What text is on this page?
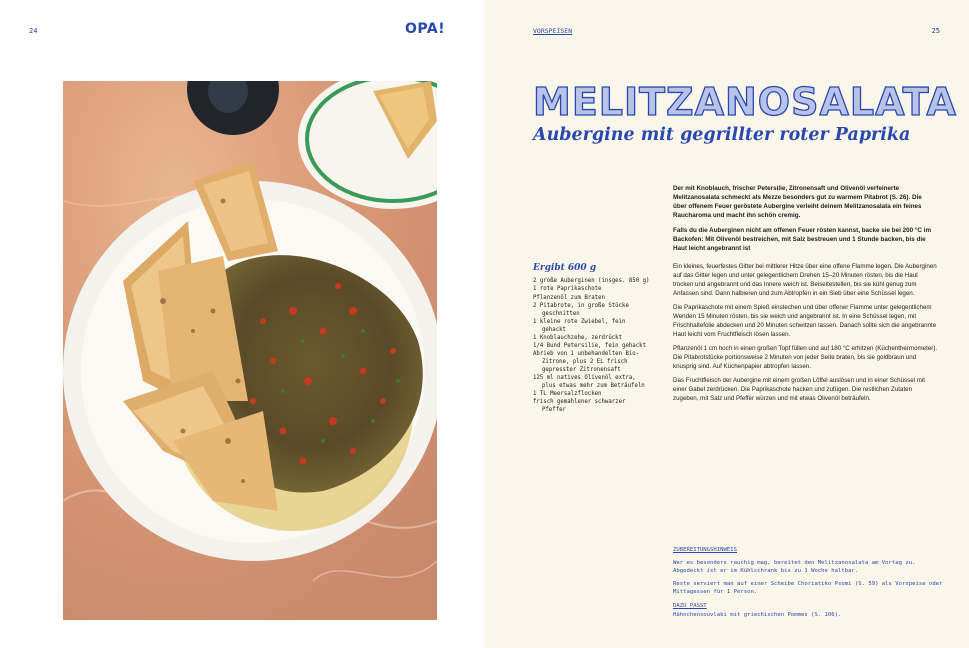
24	OPA!	VORSPEISEN	25
MELITZANOSALATA
Aubergine mit gegrillter roter Paprika

Der mit Knoblauch, frischer Petersilie, Zitronensaft und Olivenöl verfeinerte Melitzanosalata schmeckt als Mezze besonders gut zu warmem Pitabrot (S. 26). Die über offenem Feuer geröstete Aubergine verleiht deinem Melitzanosalata ein feines Raucharoma und macht ihn schön cremig.

Falls du die Auberginen nicht am offenen Feuer rösten kannst, backe sie bei 200 °C im Backofen: Mit Olivenöl bestreichen, mit Salz bestreuen und 1 Stunde backen, bis die Haut leicht angebrannt ist

Ergibt 600 g
2 große Auberginen (insges. 850 g)
1 rote Paprikaschote
Pflanzenöl zum Braten
2 Pitabrote, in große Stücke geschnitten
1 kleine rote Zwiebel, fein gehackt
1 Knoblauchzehe, zerdrückt
1/4 Bund Petersilie, fein gehackt
Abrieb von 1 unbehandelten Bio-Zitrone, plus 2 EL frisch gepresster Zitronensaft
125 ml natives Olivenöl extra, plus etwas mehr zum Beträufeln
1 TL Meersalzflocken
frisch gemahlener schwarzer Pfeffer

Ein kleines, feuerfestes Gitter bei mittlerer Hitze über eine offene Flamme legen. Die Auberginen auf das Gitter legen und unter gelegentlichem Drehen 15–20 Minuten rösten, bis die Haut trocken und angebrannt und das Innere weich ist. Beiseitestellen, bis sie kühl genug zum Anfassen sind. Dann halbieren und zum Abtropfen in ein Sieb über eine Schüssel legen.

Die Paprikaschote mit einem Spieß einstechen und über offener Flamme unter gelegentlichem Wenden 15 Minuten rösten, bis sie weich und angebrannt ist. In eine Schüssel legen, mit Frischhaltefolie abdecken und 20 Minuten schwitzen lassen. Danach sollte sich die angebrannte Haut leicht vom Fruchtfleisch lösen lassen.

Pflanzenöl 1 cm hoch in einen großen Topf füllen und auf 180 °C erhitzen (Küchenthermometer). Die Pitabrotstücke portionsweise 2 Minuten von jeder Seite braten, bis sie goldbraun und knusprig sind. Auf Küchenpapier abtropfen lassen.

Das Fruchtfleisch der Aubergine mit einem großen Löffel auslösen und in einer Schüssel mit einer Gabel zerdrücken. Die Paprikaschote hacken und zufügen. Die restlichen Zutaten zugeben, mit Salz und Pfeffer würzen und mit etwas Olivenöl beträufeln.

ZUBEREITUNGSHINWEIS

Wer es besonders rauchig mag, bereitet den Melitzanosalata am Vortag zu. Abgedeckt ist er im Kühlschrank bis zu 1 Woche haltbar.

Reste serviert man auf einer Scheibe Choriatiko Psomi (S. 59) als Vorspeise oder Mittagessen für 1 Person.

DAZU PASST

Hähnchensouvlaki mit griechischen Pommes (S. 106).
